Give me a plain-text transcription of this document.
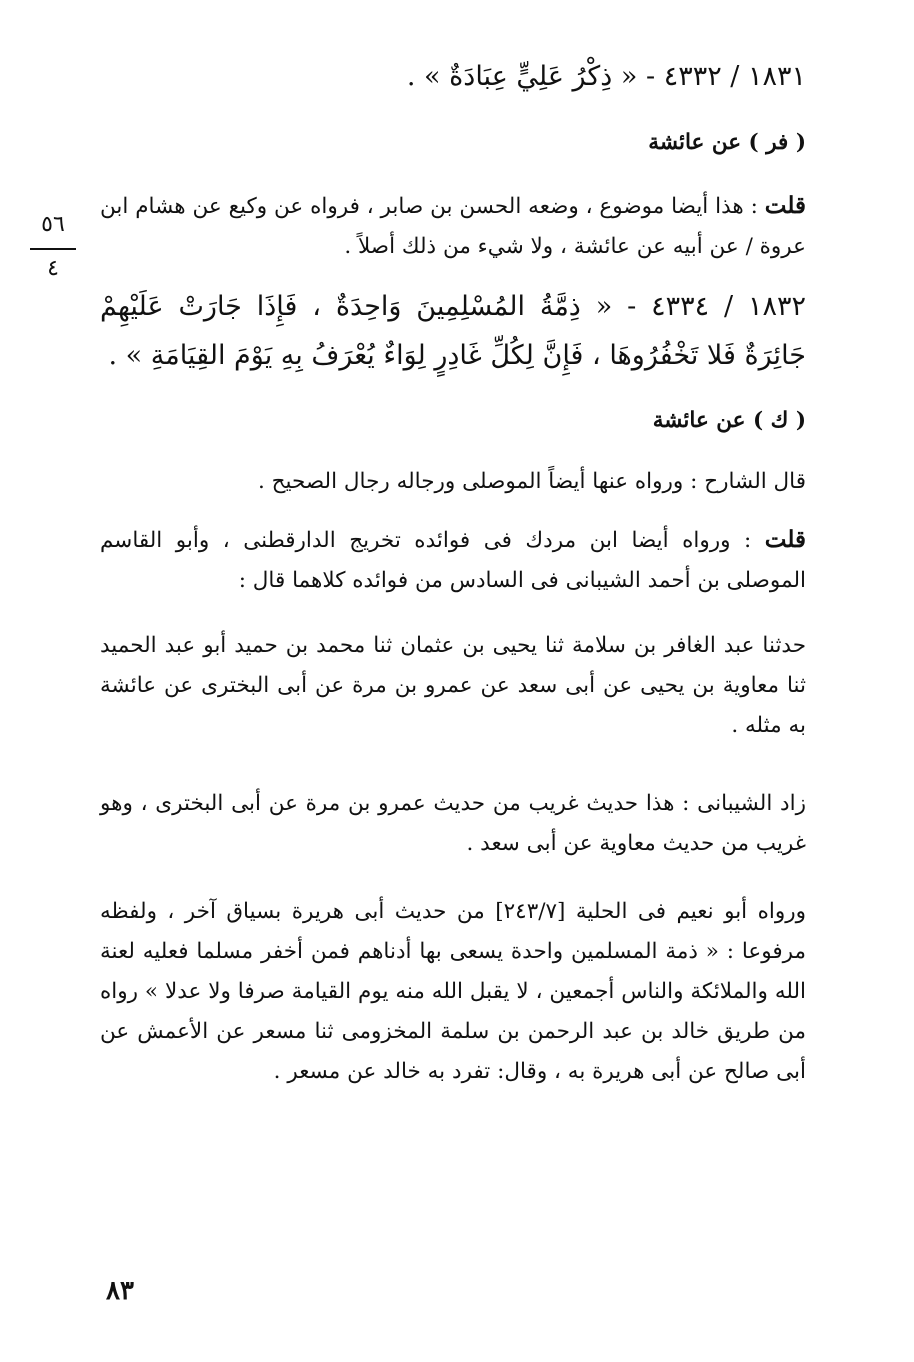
١٨٣١ / ٤٣٣٢ - « ذِكْرُ عَلِيٍّ عِبَادَةٌ » .
( فر ) عن عائشة
قلت : هذا أيضا موضوع ، وضعه الحسن بن صابر ، فرواه عن وكيع عن هشام ابن عروة / عن أبيه عن عائشة ، ولا شيء من ذلك أصلاً .
٥٦
٤
١٨٣٢ / ٤٣٣٤ - « ذِمَّةُ المُسْلِمِينَ وَاحِدَةٌ ، فَإِذَا جَارَتْ عَلَيْهِمْ جَائِرَةٌ فَلا تَخْفُرُوهَا ، فَإِنَّ لِكُلِّ غَادِرٍ لِوَاءٌ يُعْرَفُ بِهِ يَوْمَ القِيَامَةِ » .
( ك ) عن عائشة
قال الشارح : ورواه عنها أيضاً الموصلى ورجاله رجال الصحيح .
قلت : ورواه أيضا ابن مردك فى فوائده تخريج الدارقطنى ، وأبو القاسم الموصلى بن أحمد الشيبانى فى السادس من فوائده كلاهما قال :
حدثنا عبد الغافر بن سلامة ثنا يحيى بن عثمان ثنا محمد بن حميد أبو عبد الحميد ثنا معاوية بن يحيى عن أبى سعد عن عمرو بن مرة عن أبى البخترى عن عائشة به مثله .
زاد الشيبانى : هذا حديث غريب من حديث عمرو بن مرة عن أبى البخترى ، وهو غريب من حديث معاوية عن أبى سعد .
ورواه أبو نعيم فى الحلية [٢٤٣/٧] من حديث أبى هريرة بسياق آخر ، ولفظه مرفوعا : « ذمة المسلمين واحدة يسعى بها أدناهم فمن أخفر مسلما فعليه لعنة الله والملائكة والناس أجمعين ، لا يقبل الله منه يوم القيامة صرفا ولا عدلا » رواه من طريق خالد بن عبد الرحمن بن سلمة المخزومى ثنا مسعر عن الأعمش عن أبى صالح عن أبى هريرة به ، وقال: تفرد به خالد عن مسعر .
٨٣
